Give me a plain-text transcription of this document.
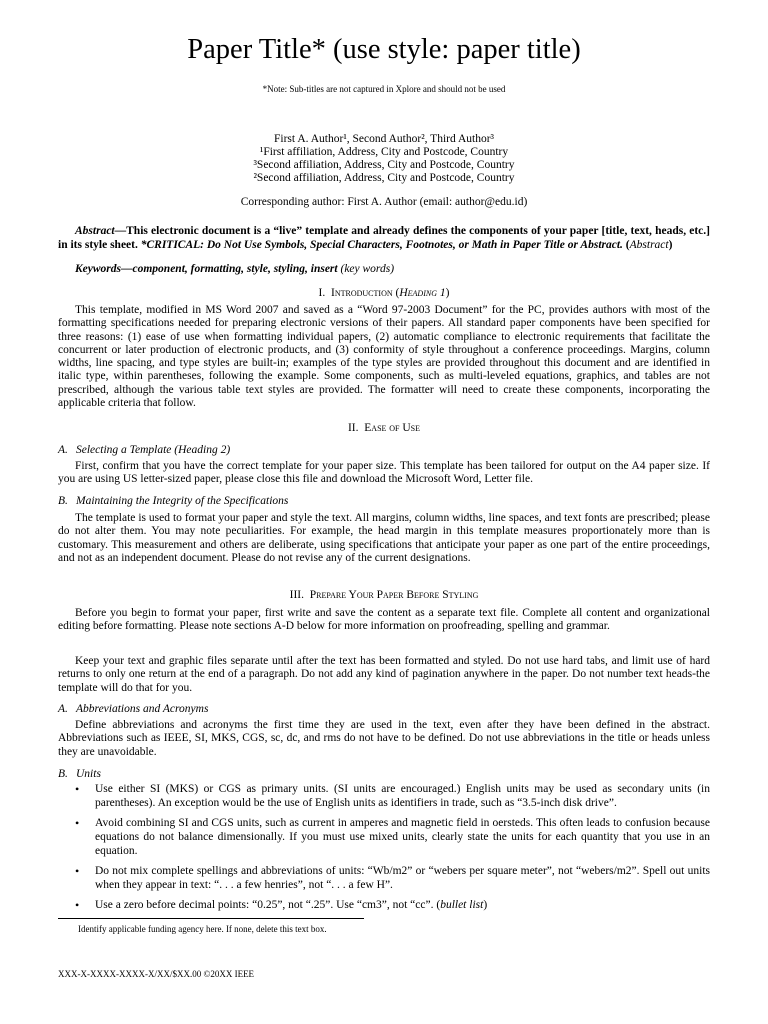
Paper Title* (use style: paper title)
*Note: Sub-titles are not captured in Xplore and should not be used
First A. Author¹, Second Author², Third Author³
¹First affiliation, Address, City and Postcode, Country
³Second affiliation, Address, City and Postcode, Country
²Second affiliation, Address, City and Postcode, Country
Corresponding author: First A. Author (email: author@edu.id)
Abstract—This electronic document is a “live” template and already defines the components of your paper [title, text, heads, etc.] in its style sheet. *CRITICAL: Do Not Use Symbols, Special Characters, Footnotes, or Math in Paper Title or Abstract. (Abstract)
Keywords—component, formatting, style, styling, insert (key words)
I. Introduction (Heading 1)
This template, modified in MS Word 2007 and saved as a “Word 97-2003 Document” for the PC, provides authors with most of the formatting specifications needed for preparing electronic versions of their papers. All standard paper components have been specified for three reasons: (1) ease of use when formatting individual papers, (2) automatic compliance to electronic requirements that facilitate the concurrent or later production of electronic products, and (3) conformity of style throughout a conference proceedings. Margins, column widths, line spacing, and type styles are built-in; examples of the type styles are provided throughout this document and are identified in italic type, within parentheses, following the example. Some components, such as multi-leveled equations, graphics, and tables are not prescribed, although the various table text styles are provided. The formatter will need to create these components, incorporating the applicable criteria that follow.
II. Ease of Use
A. Selecting a Template (Heading 2)
First, confirm that you have the correct template for your paper size. This template has been tailored for output on the A4 paper size. If you are using US letter-sized paper, please close this file and download the Microsoft Word, Letter file.
B. Maintaining the Integrity of the Specifications
The template is used to format your paper and style the text. All margins, column widths, line spaces, and text fonts are prescribed; please do not alter them. You may note peculiarities. For example, the head margin in this template measures proportionately more than is customary. This measurement and others are deliberate, using specifications that anticipate your paper as one part of the entire proceedings, and not as an independent document. Please do not revise any of the current designations.
III. Prepare Your Paper Before Styling
Before you begin to format your paper, first write and save the content as a separate text file. Complete all content and organizational editing before formatting. Please note sections A-D below for more information on proofreading, spelling and grammar.
Keep your text and graphic files separate until after the text has been formatted and styled. Do not use hard tabs, and limit use of hard returns to only one return at the end of a paragraph. Do not add any kind of pagination anywhere in the paper. Do not number text heads-the template will do that for you.
A. Abbreviations and Acronyms
Define abbreviations and acronyms the first time they are used in the text, even after they have been defined in the abstract. Abbreviations such as IEEE, SI, MKS, CGS, sc, dc, and rms do not have to be defined. Do not use abbreviations in the title or heads unless they are unavoidable.
B. Units
• Use either SI (MKS) or CGS as primary units. (SI units are encouraged.) English units may be used as secondary units (in parentheses). An exception would be the use of English units as identifiers in trade, such as “3.5-inch disk drive”.
• Avoid combining SI and CGS units, such as current in amperes and magnetic field in oersteds. This often leads to confusion because equations do not balance dimensionally. If you must use mixed units, clearly state the units for each quantity that you use in an equation.
• Do not mix complete spellings and abbreviations of units: “Wb/m2” or “webers per square meter”, not “webers/m2”. Spell out units when they appear in text: “. . . a few henries”, not “. . . a few H”.
• Use a zero before decimal points: “0.25”, not “.25”. Use “cm3”, not “cc”. (bullet list)
Identify applicable funding agency here. If none, delete this text box.
XXX-X-XXXX-XXXX-X/XX/$XX.00 ©20XX IEEE
